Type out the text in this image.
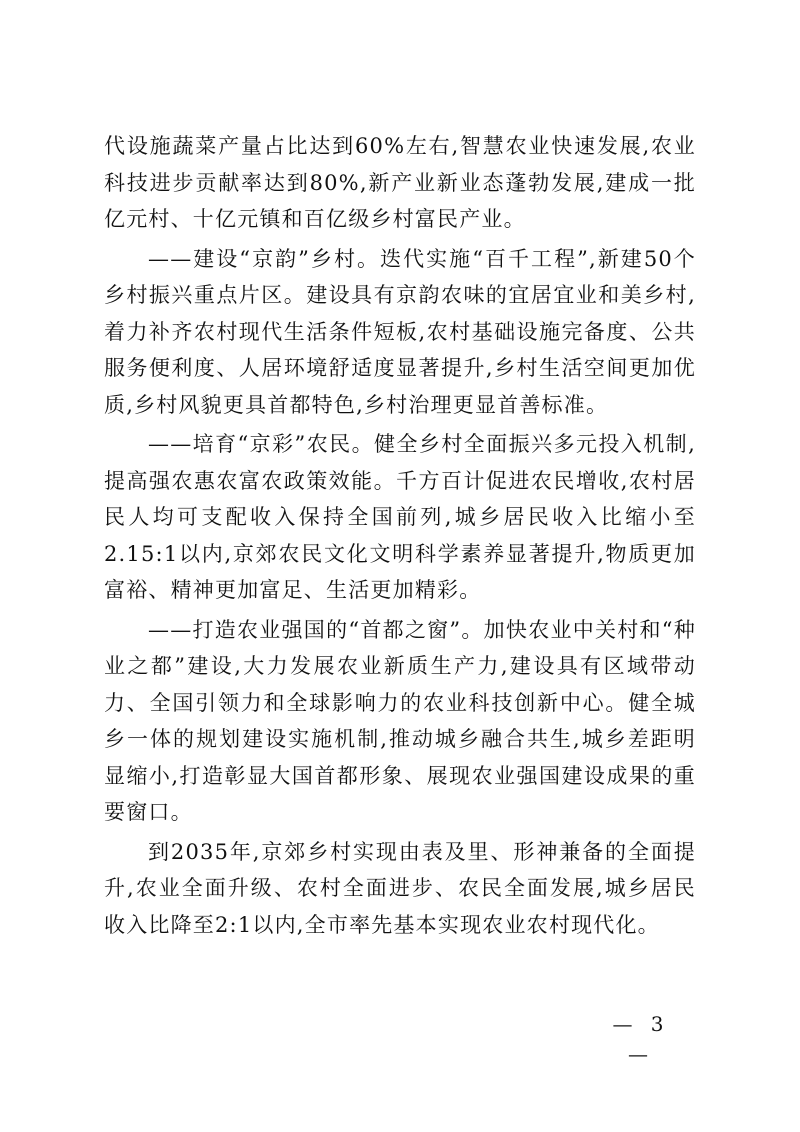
代设施蔬菜产量占比达到60%左右,智慧农业快速发展,农业科技进步贡献率达到80%,新产业新业态蓬勃发展,建成一批亿元村、十亿元镇和百亿级乡村富民产业。

——建设“京韵”乡村。迭代实施“百千工程”,新建50个乡村振兴重点片区。建设具有京韵农味的宜居宜业和美乡村,着力补齐农村现代生活条件短板,农村基础设施完备度、公共服务便利度、人居环境舒适度显著提升,乡村生活空间更加优质,乡村风貌更具首都特色,乡村治理更显首善标准。

——培育“京彩”农民。健全乡村全面振兴多元投入机制,提高强农惠农富农政策效能。千方百计促进农民增收,农村居民人均可支配收入保持全国前列,城乡居民收入比缩小至2.15:1以内,京郊农民文化文明科学素养显著提升,物质更加富裕、精神更加富足、生活更加精彩。

——打造农业强国的“首都之窗”。加快农业中关村和“种业之都”建设,大力发展农业新质生产力,建设具有区域带动力、全国引领力和全球影响力的农业科技创新中心。健全城乡一体的规划建设实施机制,推动城乡融合共生,城乡差距明显缩小,打造彰显大国首都形象、展现农业强国建设成果的重要窗口。

到2035年,京郊乡村实现由表及里、形神兼备的全面提升,农业全面升级、农村全面进步、农民全面发展,城乡居民收入比降至2:1以内,全市率先基本实现农业农村现代化。

— 3 —
